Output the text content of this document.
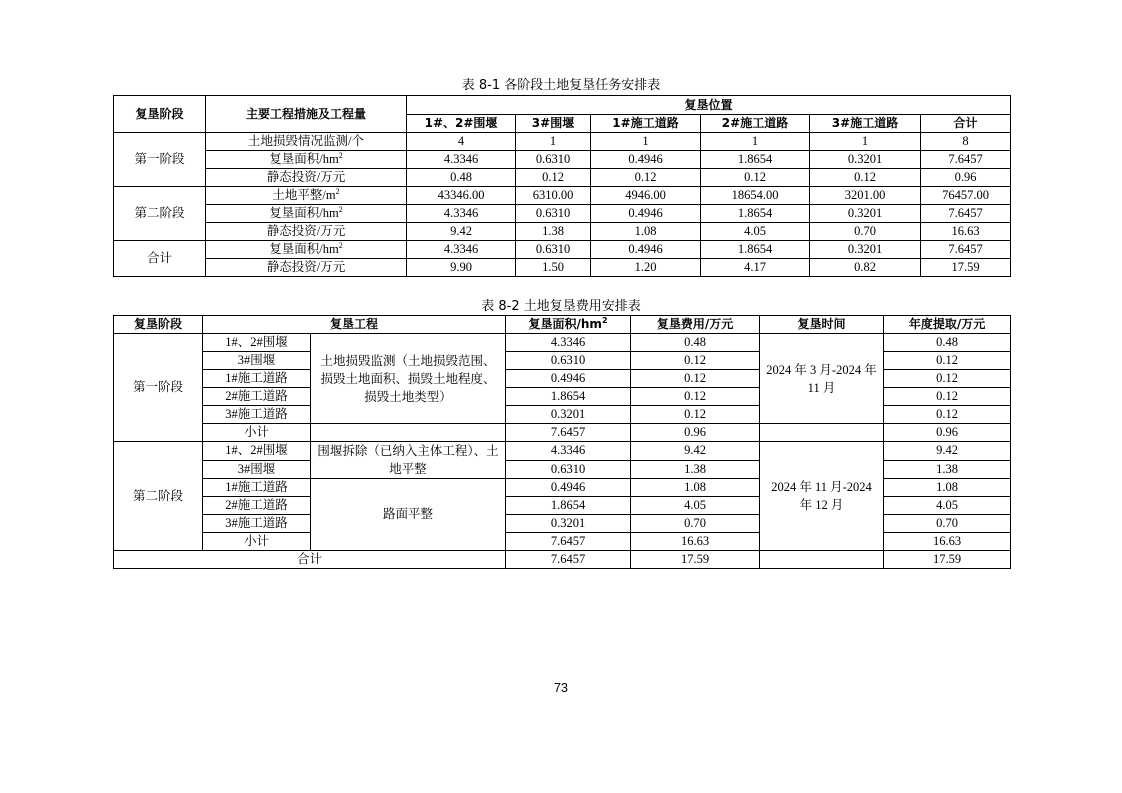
表 8-1 各阶段土地复垦任务安排表
复垦阶段	主要工程措施及工程量	复垦位置					
		1#、2#围堰	3#围堰	1#施工道路	2#施工道路	3#施工道路	合计
第一阶段	土地损毁情况监测/个	4	1	1	1	1	8
	复垦面积$/hm^2$	4.3346	0.6310	0.4946	1.8654	0.3201	7.6457
	静态投资/万元	0.48	0.12	0.12	0.12	0.12	0.96
第二阶段	土地平整$/m^2$	43346.00	6310.00	4946.00	18654.00	3201.00	76457.00
	复垦面积$/hm^2$	4.3346	0.6310	0.4946	1.8654	0.3201	7.6457
	静态投资/万元	9.42	1.38	1.08	4.05	0.70	16.63
合计	复垦面积$/hm^2$	4.3346	0.6310	0.4946	1.8654	0.3201	7.6457
	静态投资/万元	9.90	1.50	1.20	4.17	0.82	17.59
表 8-2 土地复垦费用安排表
复垦阶段	复垦工程		复垦面积$/hm^2$	复垦费用/万元	复垦时间	年度提取/万元
第一阶段	1#、2#围堰	土地损毁监测（土地损毁范围、损毁土地面积、损毁土地程度、损毁土地类型）	4.3346	0.48	2024 年 3 月-2024 年 11 月	0.48
	3#围堰		0.6310	0.12		0.12
	1#施工道路		0.4946	0.12		0.12
	2#施工道路		1.8654	0.12		0.12
	3#施工道路		0.3201	0.12		0.12
	小计		7.6457	0.96		0.96
第二阶段	1#、2#围堰	围堰拆除（已纳入主体工程）、土地平整	4.3346	9.42	2024 年 11 月-2024 年 12 月	9.42
	3#围堰		0.6310	1.38		1.38
	1#施工道路	路面平整	0.4946	1.08		1.08
	2#施工道路		1.8654	4.05		4.05
	3#施工道路		0.3201	0.70		0.70
	小计		7.6457	16.63		16.63
合计			7.6457	17.59		17.59
73
